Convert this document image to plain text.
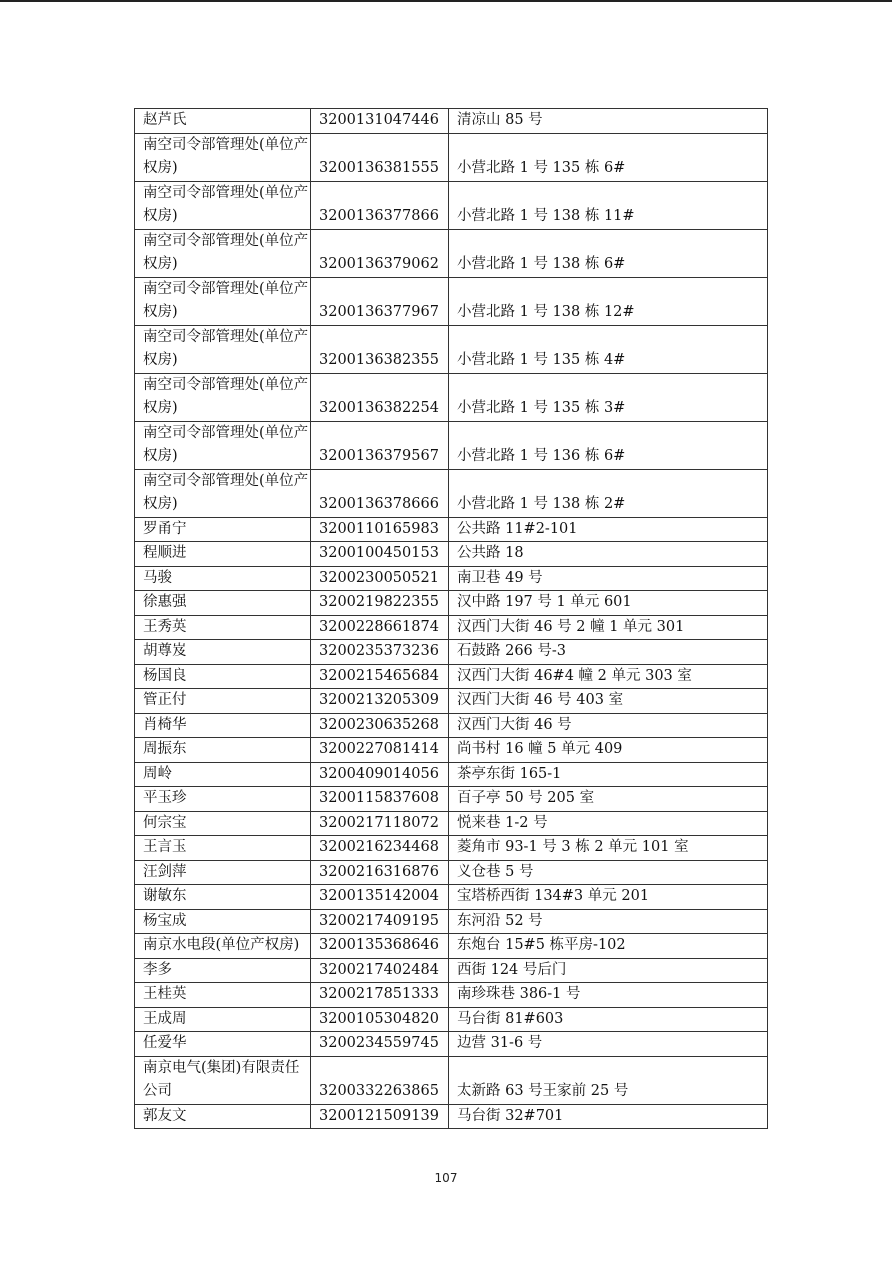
赵芦氏	3200131047446	清凉山 85 号
南空司令部管理处(单位产权房)	3200136381555	小营北路 1 号 135 栋 6#
南空司令部管理处(单位产权房)	3200136377866	小营北路 1 号 138 栋 11#
南空司令部管理处(单位产权房)	3200136379062	小营北路 1 号 138 栋 6#
南空司令部管理处(单位产权房)	3200136377967	小营北路 1 号 138 栋 12#
南空司令部管理处(单位产权房)	3200136382355	小营北路 1 号 135 栋 4#
南空司令部管理处(单位产权房)	3200136382254	小营北路 1 号 135 栋 3#
南空司令部管理处(单位产权房)	3200136379567	小营北路 1 号 136 栋 6#
南空司令部管理处(单位产权房)	3200136378666	小营北路 1 号 138 栋 2#
罗甬宁	3200110165983	公共路 11#2-101
程顺进	3200100450153	公共路 18
马骏	3200230050521	南卫巷 49 号
徐惠强	3200219822355	汉中路 197 号 1 单元 601
王秀英	3200228661874	汉西门大街 46 号 2 幢 1 单元 301
胡尊岌	3200235373236	石鼓路 266 号-3
杨国良	3200215465684	汉西门大街 46#4 幢 2 单元 303 室
管正付	3200213205309	汉西门大街 46 号 403 室
肖椅华	3200230635268	汉西门大街 46 号
周振东	3200227081414	尚书村 16 幢 5 单元 409
周岭	3200409014056	茶亭东街 165-1
平玉珍	3200115837608	百子亭 50 号 205 室
何宗宝	3200217118072	悦来巷 1-2 号
王言玉	3200216234468	菱角市 93-1 号 3 栋 2 单元 101 室
汪剑萍	3200216316876	义仓巷 5 号
谢敏东	3200135142004	宝塔桥西街 134#3 单元 201
杨宝成	3200217409195	东河沿 52 号
南京水电段(单位产权房)	3200135368646	东炮台 15#5 栋平房-102
李多	3200217402484	西街 124 号后门
王桂英	3200217851333	南珍珠巷 386-1 号
王成周	3200105304820	马台街 81#603
任爱华	3200234559745	边营 31-6 号
南京电气(集团)有限责任公司	3200332263865	太新路 63 号王家前 25 号
郭友文	3200121509139	马台街 32#701
107
